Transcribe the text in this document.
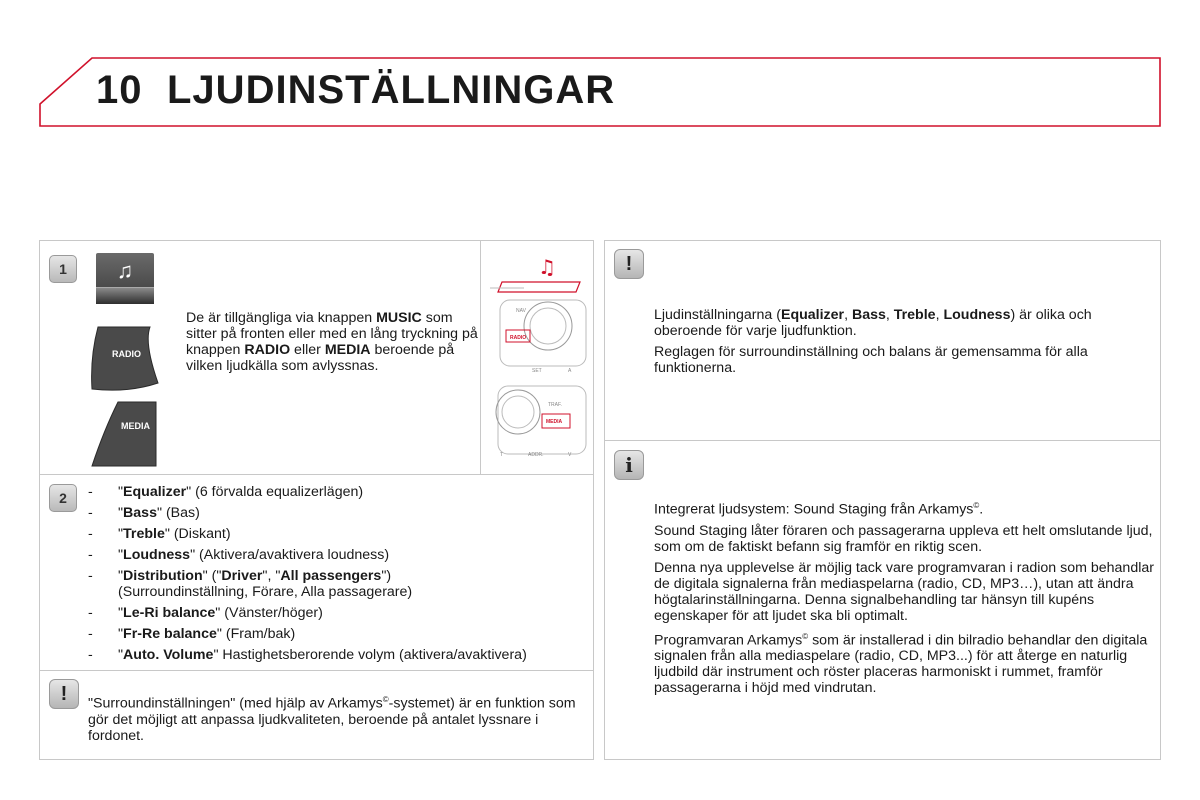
10 LJUDINSTÄLLNINGAR
1	♫
RADIO
MEDIA
De är tillgängliga via knappen MUSIC som sitter på fronten eller med en lång tryckning på knappen RADIO eller MEDIA beroende på vilken ljudkälla som avlyssnas.
♫
NAV
RADIO
SET	A
TRAF.
MEDIA
T	ADDR.	V
2
-	"Equalizer" (6 förvalda equalizerlägen)
- "Bass" (Bas)
- "Treble" (Diskant)
- "Loudness" (Aktivera/avaktivera loudness)
- "Distribution" ("Driver", "All passengers")
(Surroundinställning, Förare, Alla passagerare)
- "Le-Ri balance" (Vänster/höger)
- "Fr-Re balance" (Fram/bak)
- "Auto. Volume" Hastighetsberorende volym (aktivera/avaktivera)
!	"Surroundinställningen" (med hjälp av Arkamys©-systemet) är en funktion som gör det möjligt att anpassa ljudkvaliteten, beroende på antalet lyssnare i fordonet.
!

Ljudinställningarna (Equalizer, Bass, Treble, Loudness) är olika och oberoende för varje ljudfunktion.

Reglagen för surroundinställning och balans är gemensamma för alla funktionerna.

i

Integrerat ljudsystem: Sound Staging från Arkamys©.

Sound Staging låter föraren och passagerarna uppleva ett helt omslutande ljud, som om de faktiskt befann sig framför en riktig scen.

Denna nya upplevelse är möjlig tack vare programvaran i radion som behandlar de digitala signalerna från mediaspelarna (radio, CD, MP3…), utan att ändra högtalarinställningarna. Denna signalbehandling tar hänsyn till kupéns egenskaper för att ljudet ska bli optimalt.

Programvaran Arkamys© som är installerad i din bilradio behandlar den digitala signalen från alla mediaspelare (radio, CD, MP3...) för att återge en naturlig ljudbild där instrument och röster placeras harmoniskt i rummet, framför passagerarna i höjd med vindrutan.
